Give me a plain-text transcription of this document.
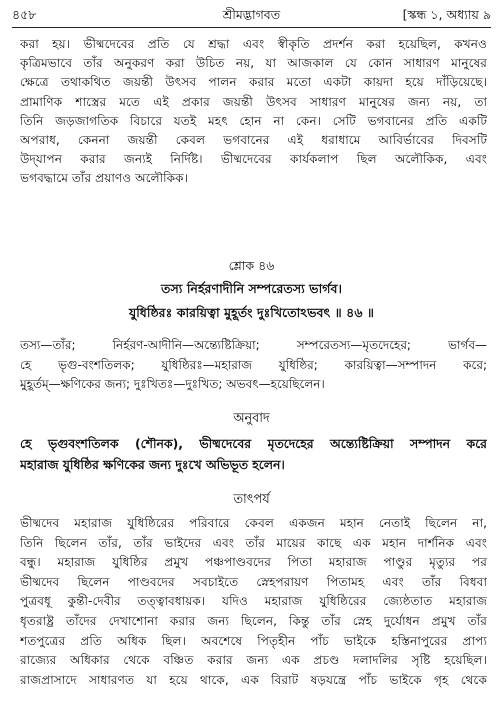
৪৫৮	শ্রীমদ্ভাগবত	[স্কন্ধ ১, অধ্যায় ৯
করা হয়। ভীষ্মদেবের প্রতি যে শ্রদ্ধা এবং স্বীকৃতি প্রদর্শন করা হয়েছিল, কখনও
কৃত্রিমভাবে তাঁর অনুকরণ করা উচিত নয়, যা আজকাল যে কোন সাধারণ মানুষের
ক্ষেত্রে তথাকথিত জয়ন্তী উৎসব পালন করার মতো একটা কায়দা হয়ে দাঁড়িয়েছে।
প্রামাণিক শাস্ত্রের মতে এই প্রকার জয়ন্তী উৎসব সাধারণ মানুষের জন্য নয়, তা
তিনি জড়জাগতিক বিচারে যতই মহৎ হোন না কেন। সেটি ভগবানের প্রতি একটি
অপরাধ, কেননা জয়ন্তী কেবল ভগবানের এই ধরাধামে আবির্ভাবের দিবসটি
উদ্‌যাপন করার জন্যই নির্দিষ্ট। ভীষ্মদেবের কার্যকলাপ ছিল অলৌকিক, এবং
ভগবদ্ধামে তাঁর প্রয়াণও অলৌকিক।
শ্লোক ৪৬
তস্য নির্হরণাদীনি সম্পরেতস্য ভার্গব।
যুধিষ্ঠিরঃ কারয়িত্বা মুহূর্তং দুঃখিতোঽভবৎ ॥ ৪৬ ॥
তস্য—তাঁর; নির্হরণ-আদীনি—অন্ত্যেষ্টিক্রিয়া; সম্পরেতস্য—মৃতদেহের; ভার্গব—
হে ভৃগু-বংশতিলক; যুধিষ্ঠিরঃ—মহারাজ যুধিষ্ঠির; কারয়িত্বা—সম্পাদন করে;
মুহূর্তম্—ক্ষণিকের জন্য; দুঃখিতঃ—দুঃখিত; অভবৎ—হয়েছিলেন।
অনুবাদ
হে ভৃগুবংশতিলক (শৌনক), ভীষ্মদেবের মৃতদেহের অন্ত্যেষ্টিক্রিয়া সম্পাদন করে
মহারাজ যুধিষ্ঠির ক্ষণিকের জন্য দুঃখে অভিভূত হলেন।
তাৎপর্য
ভীষ্মদেব মহারাজ যুধিষ্ঠিরের পরিবারে কেবল একজন মহান নেতাই ছিলেন না,
তিনি ছিলেন তাঁর, তাঁর ভাইদের এবং তাঁর মায়ের কাছে এক মহান দার্শনিক এবং
বন্ধু। মহারাজ যুধিষ্ঠির প্রমুখ পঞ্চপাণ্ডবদের পিতা মহারাজ পাণ্ডুর মৃত্যুর পর
ভীষ্মদেব ছিলেন পাণ্ডবদের সবচাইতে স্নেহপরায়ণ পিতামহ এবং তাঁর বিধবা
পুত্রবধূ কুন্তী-দেবীর তত্ত্বাবধায়ক। যদিও মহারাজ যুধিষ্ঠিরের জ্যেষ্ঠতাত মহারাজ
ধৃতরাষ্ট্র তাঁদের দেখাশোনা করার জন্য ছিলেন, কিন্তু তাঁর স্নেহ দুর্যোধন প্রমুখ তাঁর
শতপুত্রের প্রতি অধিক ছিল। অবশেষে পিতৃহীন পাঁচ ভাইকে হস্তিনাপুরের প্রাপ্য
রাজ্যের অধিকার থেকে বঞ্চিত করার জন্য এক প্রচণ্ড দলাদলির সৃষ্টি হয়েছিল।
রাজপ্রাসাদে সাধারণত যা হয়ে থাকে, এক বিরাট ষড়যন্ত্রে পাঁচ ভাইকে গৃহ থেকে
